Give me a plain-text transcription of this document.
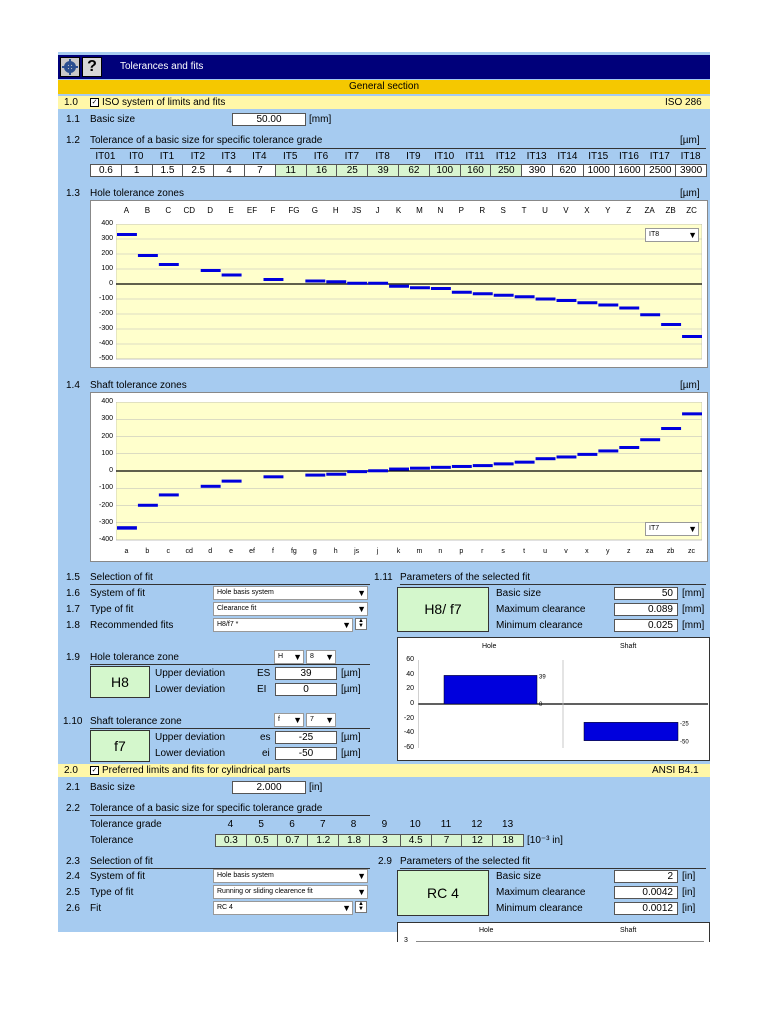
?	Tolerances and fits
General section
1.0 ✓ ISO system of limits and fits	ISO 286
1.1 Basic size	50.00	[mm]
1.2 Tolerance of a basic size for specific tolerance grade	[µm]
IT01	IT0	IT1	IT2	IT3	IT4	IT5	IT6	IT7	IT8	IT9	IT10	IT11	IT12	IT13	IT14	IT15	IT16	IT17	IT18
0.6	1	1.5	2.5	4	7	11	16	25	39	62	100	160	250	390	620	1000 1600 2500 3900
1.3 Hole tolerance zones	[µm]
A	B	C	CD	D	E	EF	F	FG	G	H	JS	J	K	M	N	P	R	S	T	U	V	X	Y	Z	ZA	ZB	ZC
400
300
200
100
0
-100
-200
-300
-400
-500
IT8	▼
1.4 Shaft tolerance zones	[µm]
400
300
200
100
0
-100
-200
-300
-400
a	b	c	cd	d	e	ef	f	fg	g	h	js	j	k	m	n	p	r	s	t	u	v	x	y	z	za	zb	zc
IT7	▼
1.5 Selection of fit
1.6 System of fit	Hole basis system	▼
1.7 Type of fit	Clearance fit	▼
1.8 Recommended fits	H8/f7 *	▼	▲
▼
1.11 Parameters of the selected fit
H8/ f7
Basic size	50 [mm]
Maximum clearance	0.089 [mm]
Minimum clearance	0.025 [mm]
1.9 Hole tolerance zone	H ▼	8 ▼
H8
Upper deviation	ES	39	[µm]
Lower deviation	EI	0	[µm]
1.10 Shaft tolerance zone	f ▼	7 ▼
f7
Upper deviation	es	-25	[µm]
Lower deviation	ei	-50	[µm]
Hole	Shaft
39
0
-25
-50
60
40
20
0
-20
-40
-60
2.0 ✓ Preferred limits and fits for cylindrical parts	ANSI B4.1
2.1 Basic size	2.000	[in]
2.2 Tolerance of a basic size for specific tolerance grade
Tolerance grade
Tolerance
4	5	6	7	8	9	10	11	12	13
0.3	0.5	0.7	1.2	1.8	3	4.5	7	12	18	[10⁻³ in]
2.3 Selection of fit
2.4 System of fit	Hole basis system	▼
2.5 Type of fit	Running or sliding clearence fit	▼
2.6 Fit	RC 4	▼	▲
▼
2.9 Parameters of the selected fit
RC 4
Basic size	2 [in]
Maximum clearance	0.0042 [in]
Minimum clearance	0.0012 [in]
Hole	Shaft
3
